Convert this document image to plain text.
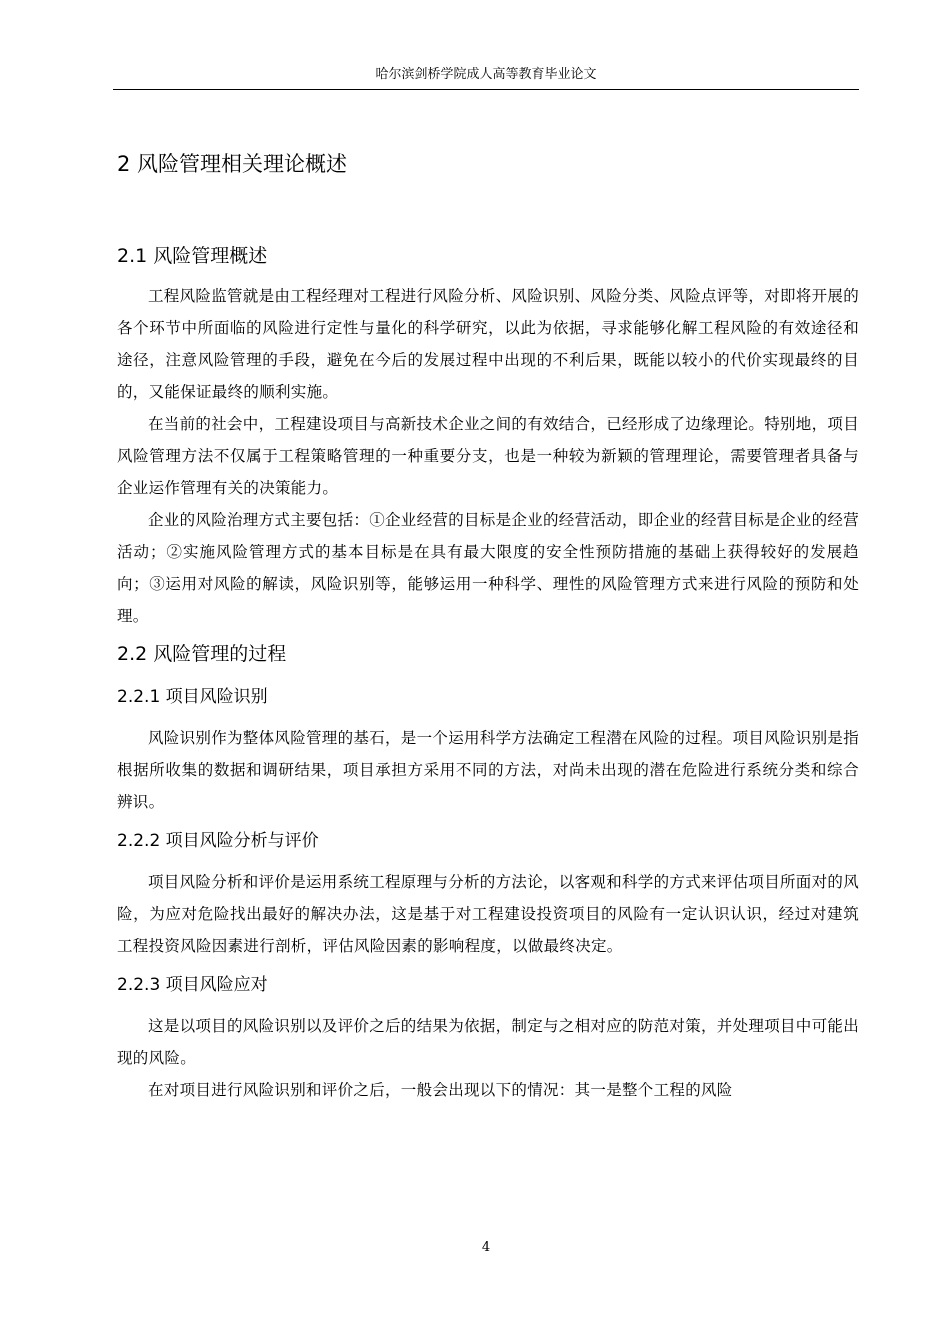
哈尔滨剑桥学院成人高等教育毕业论文
2 风险管理相关理论概述
2.1 风险管理概述

工程风险监管就是由工程经理对工程进行风险分析、风险识别、风险分类、风险点评等，对即将开展的各个环节中所面临的风险进行定性与量化的科学研究，以此为依据，寻求能够化解工程风险的有效途径和途径，注意风险管理的手段，避免在今后的发展过程中出现的不利后果，既能以较小的代价实现最终的目的，又能保证最终的顺利实施。

在当前的社会中，工程建设项目与高新技术企业之间的有效结合，已经形成了边缘理论。特别地，项目风险管理方法不仅属于工程策略管理的一种重要分支，也是一种较为新颖的管理理论，需要管理者具备与企业运作管理有关的决策能力。

企业的风险治理方式主要包括：①企业经营的目标是企业的经营活动，即企业的经营目标是企业的经营活动；②实施风险管理方式的基本目标是在具有最大限度的安全性预防措施的基础上获得较好的发展趋向；③运用对风险的解读，风险识别等，能够运用一种科学、理性的风险管理方式来进行风险的预防和处理。

2.2 风险管理的过程
2.2.1 项目风险识别

风险识别作为整体风险管理的基石，是一个运用科学方法确定工程潜在风险的过程。项目风险识别是指根据所收集的数据和调研结果，项目承担方采用不同的方法，对尚未出现的潜在危险进行系统分类和综合辨识。

2.2.2 项目风险分析与评价

项目风险分析和评价是运用系统工程原理与分析的方法论，以客观和科学的方式来评估项目所面对的风险，为应对危险找出最好的解决办法，这是基于对工程建设投资项目的风险有一定认识认识，经过对建筑工程投资风险因素进行剖析，评估风险因素的影响程度，以做最终决定。

2.2.3 项目风险应对

这是以项目的风险识别以及评价之后的结果为依据，制定与之相对应的防范对策，并处理项目中可能出现的风险。

在对项目进行风险识别和评价之后，一般会出现以下的情况：其一是整个工程的风险

4
